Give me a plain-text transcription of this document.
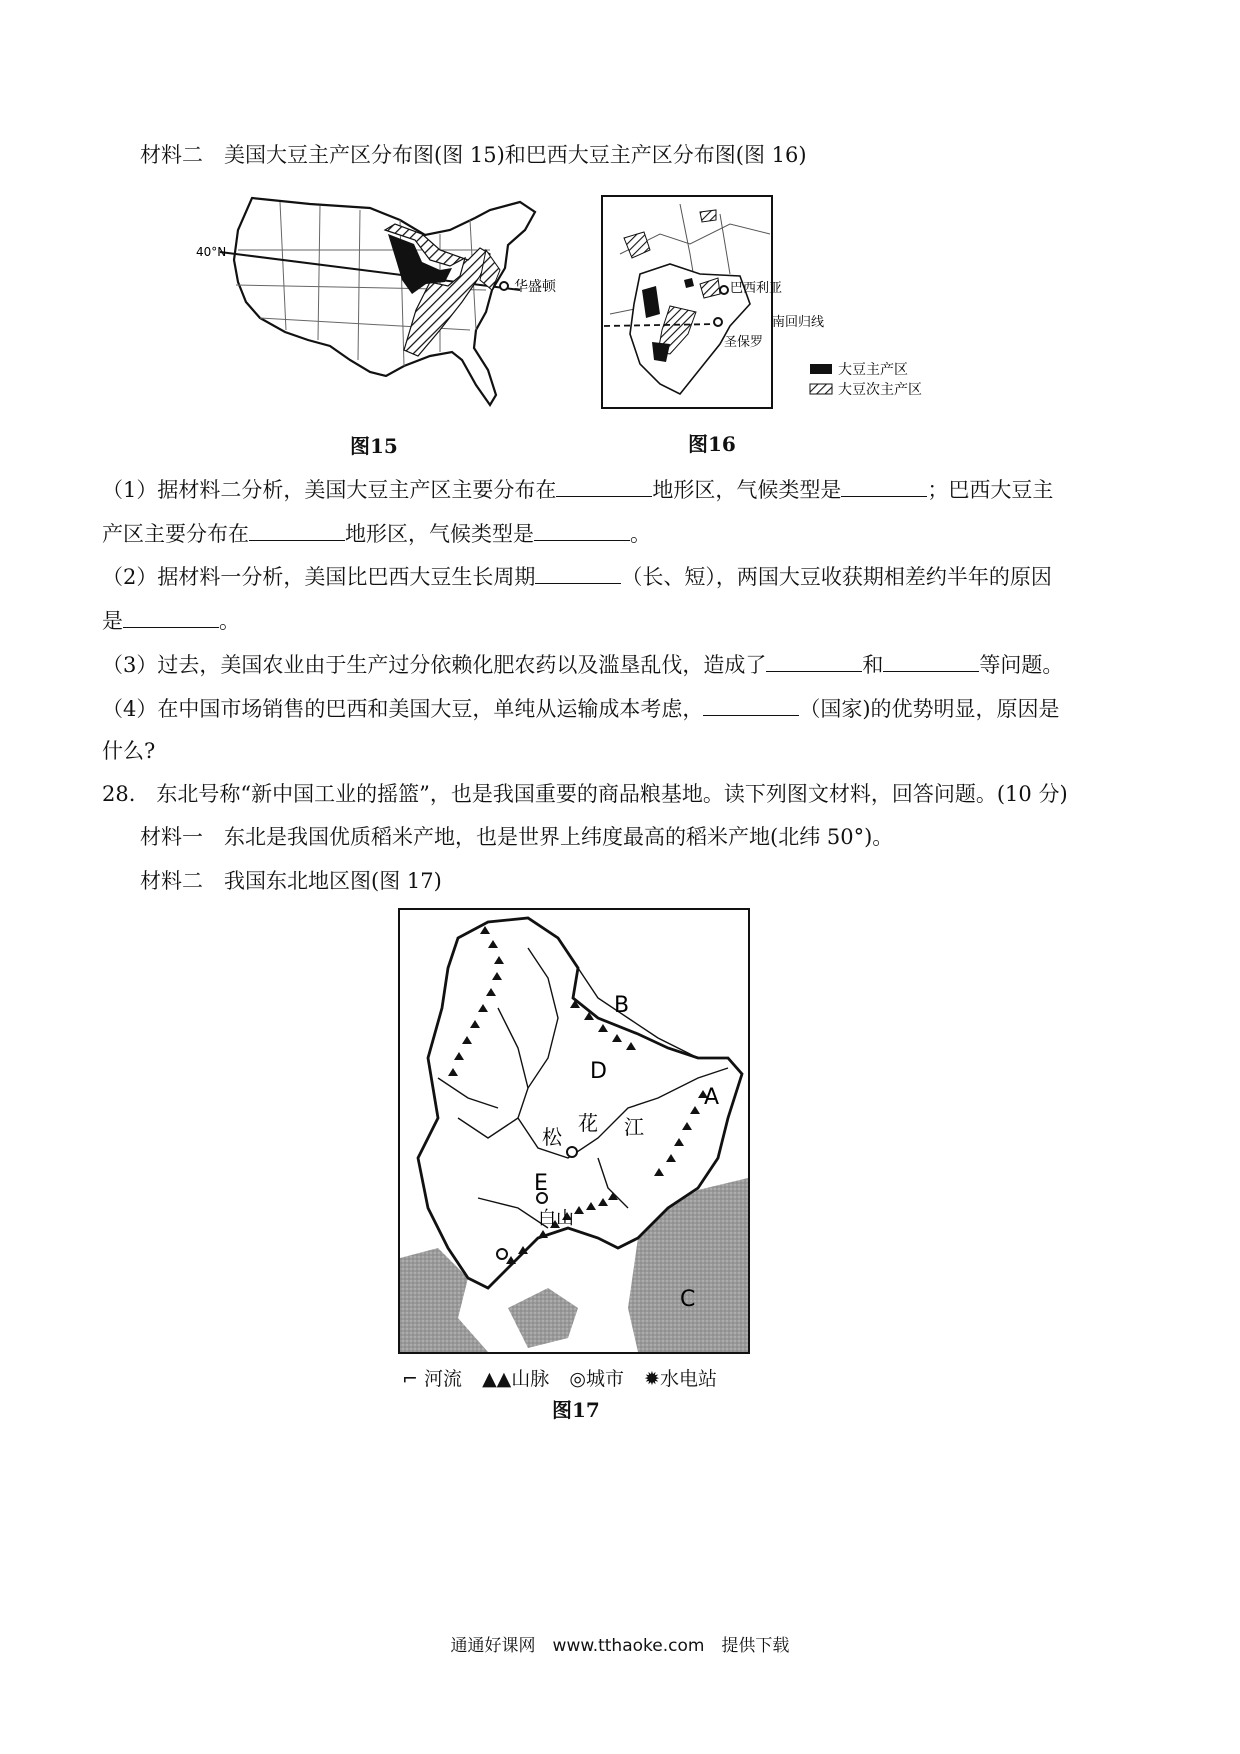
材料二　美国大豆主产区分布图(图 15)和巴西大豆主产区分布图(图 16)
40°N
华盛顿
图15
巴西利亚
南回归线
圣保罗
大豆主产区
大豆次主产区
图16
（1）据材料二分析，美国大豆主产区主要分布在	地形区，气候类型是	；巴西大豆主
产区主要分布在	地形区，气候类型是	。
（2）据材料一分析，美国比巴西大豆生长周期	（长、短），两国大豆收获期相差约半年的原因
是	。
（3）过去，美国农业由于生产过分依赖化肥农药以及滥垦乱伐，造成了	和	等问题。
（4）在中国市场销售的巴西和美国大豆，单纯从运输成本考虑，	（国家)的优势明显，原因是
什么?
28.　东北号称“新中国工业的摇篮”，也是我国重要的商品粮基地。读下列图文材料，回答问题。(10 分)
材料一　东北是我国优质稻米产地，也是世界上纬度最高的稻米产地(北纬 50°)。
材料二　我国东北地区图(图 17)
B
D
A
E
C
松
花 江
白山
⌐ 河流 ▲▲山脉 ◎城市 ✹水电站
图17
通通好课网　www.tthaoke.com　提供下载
